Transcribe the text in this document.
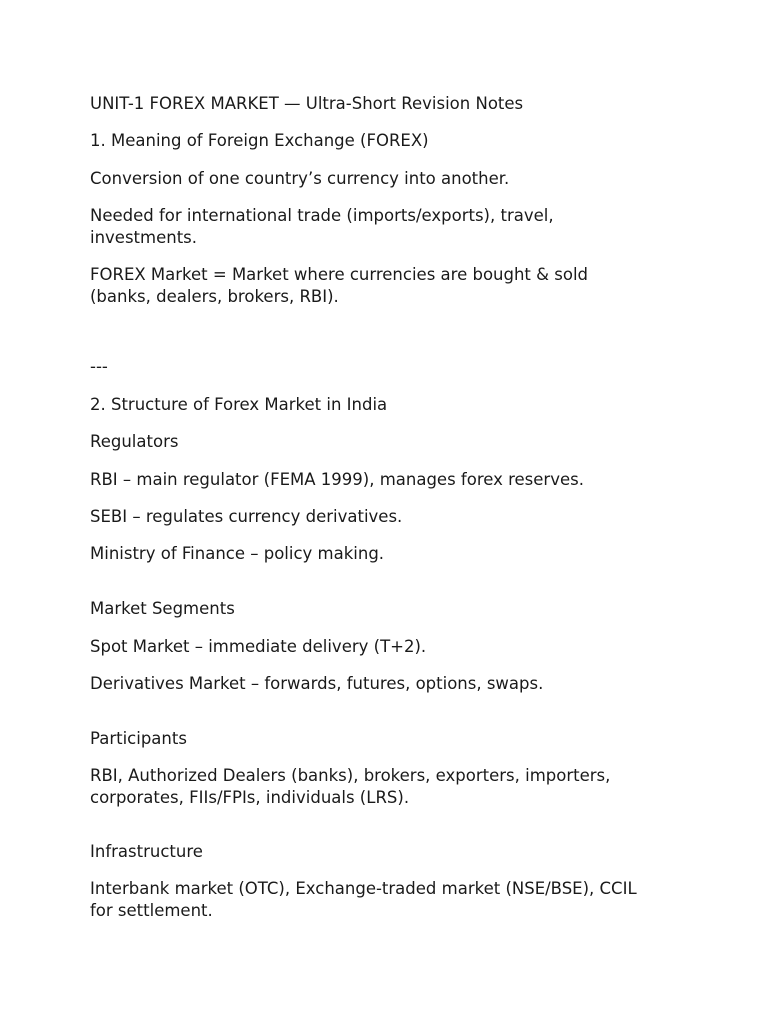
UNIT-1 FOREX MARKET — Ultra-Short Revision Notes

1. Meaning of Foreign Exchange (FOREX)

Conversion of one country’s currency into another.

Needed for international trade (imports/exports), travel,

investments.

FOREX Market = Market where currencies are bought & sold

(banks, dealers, brokers, RBI).

---

2. Structure of Forex Market in India

Regulators

RBI – main regulator (FEMA 1999), manages forex reserves.

SEBI – regulates currency derivatives.

Ministry of Finance – policy making.

Market Segments

Spot Market – immediate delivery (T+2).

Derivatives Market – forwards, futures, options, swaps.

Participants

RBI, Authorized Dealers (banks), brokers, exporters, importers,

corporates, FIIs/FPIs, individuals (LRS).

Infrastructure

Interbank market (OTC), Exchange-traded market (NSE/BSE), CCIL

for settlement.
